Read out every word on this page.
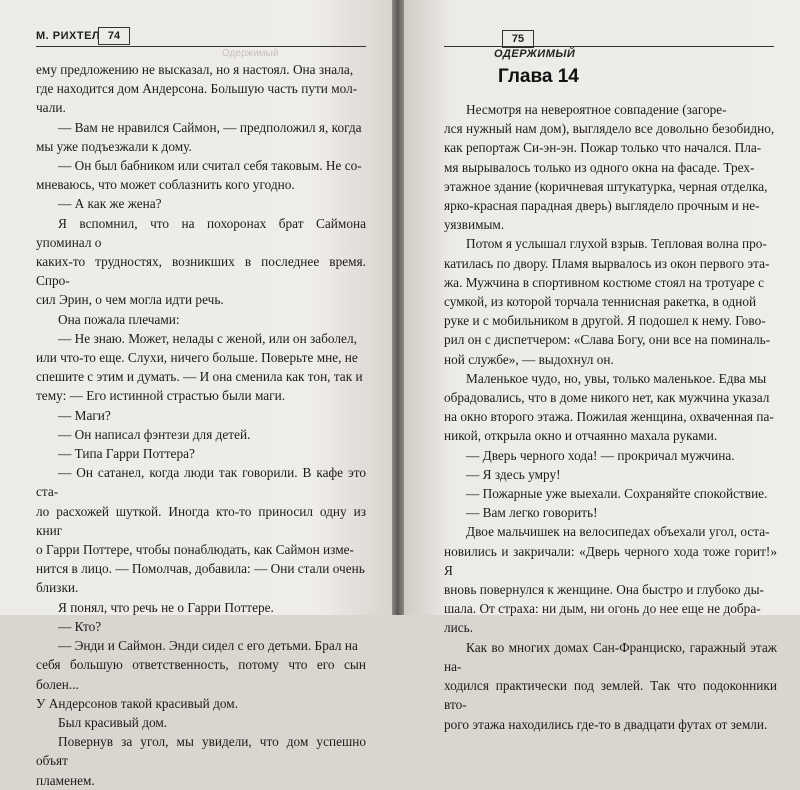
М. РИХТЕЛ 74
Одержимый

ему предложению не высказал, но я настоял. Она знала,

где находится дом Андерсона. Большую часть пути мол-

чали.

— Вам не нравился Саймон, — предположил я, когда

мы уже подъезжали к дому.

— Он был бабником или считал себя таковым. Не со-

мневаюсь, что может соблазнить кого угодно.

— А как же жена?

Я вспомнил, что на похоронах брат Саймона упоминал о

каких-то трудностях, возникших в последнее время. Спро-

сил Эрин, о чем могла идти речь.

Она пожала плечами:

— Не знаю. Может, нелады с женой, или он заболел,

или что-то еще. Слухи, ничего больше. Поверьте мне, не

спешите с этим и думать. — И она сменила как тон, так и

тему: — Его истинной страстью были маги.

— Маги?

— Он написал фэнтези для детей.

— Типа Гарри Поттера?

— Он сатанел, когда люди так говорили. В кафе это ста-

ло расхожей шуткой. Иногда кто-то приносил одну из книг

о Гарри Поттере, чтобы понаблюдать, как Саймон изме-

нится в лицо. — Помолчав, добавила: — Они стали очень

близки.

Я понял, что речь не о Гарри Поттере.

— Кто?

— Энди и Саймон. Энди сидел с его детьми. Брал на

себя большую ответственность, потому что его сын болен...

У Андерсонов такой красивый дом.

Был красивый дом.

Повернув за угол, мы увидели, что дом успешно объят

пламенем.

75
ОДЕРЖИМЫЙ
Глава 14

Несмотря на невероятное совпадение (загоре-

лся нужный нам дом), выглядело все довольно безобидно,

как репортаж Си-эн-эн. Пожар только что начался. Пла-

мя вырывалось только из одного окна на фасаде. Трех-

этажное здание (коричневая штукатурка, черная отделка,

ярко-красная парадная дверь) выглядело прочным и не-

уязвимым.

Потом я услышал глухой взрыв. Тепловая волна про-

катилась по двору. Пламя вырвалось из окон первого эта-

жа. Мужчина в спортивном костюме стоял на тротуаре с

сумкой, из которой торчала теннисная ракетка, в одной

руке и с мобильником в другой. Я подошел к нему. Гово-

рил он с диспетчером: «Слава Богу, они все на поминаль-

ной службе», — выдохнул он.

Маленькое чудо, но, увы, только маленькое. Едва мы

обрадовались, что в доме никого нет, как мужчина указал

на окно второго этажа. Пожилая женщина, охваченная па-

никой, открыла окно и отчаянно махала руками.

— Дверь черного хода! — прокричал мужчина.

— Я здесь умру!

— Пожарные уже выехали. Сохраняйте спокойствие.

— Вам легко говорить!

Двое мальчишек на велосипедах объехали угол, оста-

новились и закричали: «Дверь черного хода тоже горит!» Я

вновь повернулся к женщине. Она быстро и глубоко ды-

шала. От страха: ни дым, ни огонь до нее еще не добра-

лись.

Как во многих домах Сан-Франциско, гаражный этаж на-

ходился практически под землей. Так что подоконники вто-

рого этажа находились где-то в двадцати футах от земли.
